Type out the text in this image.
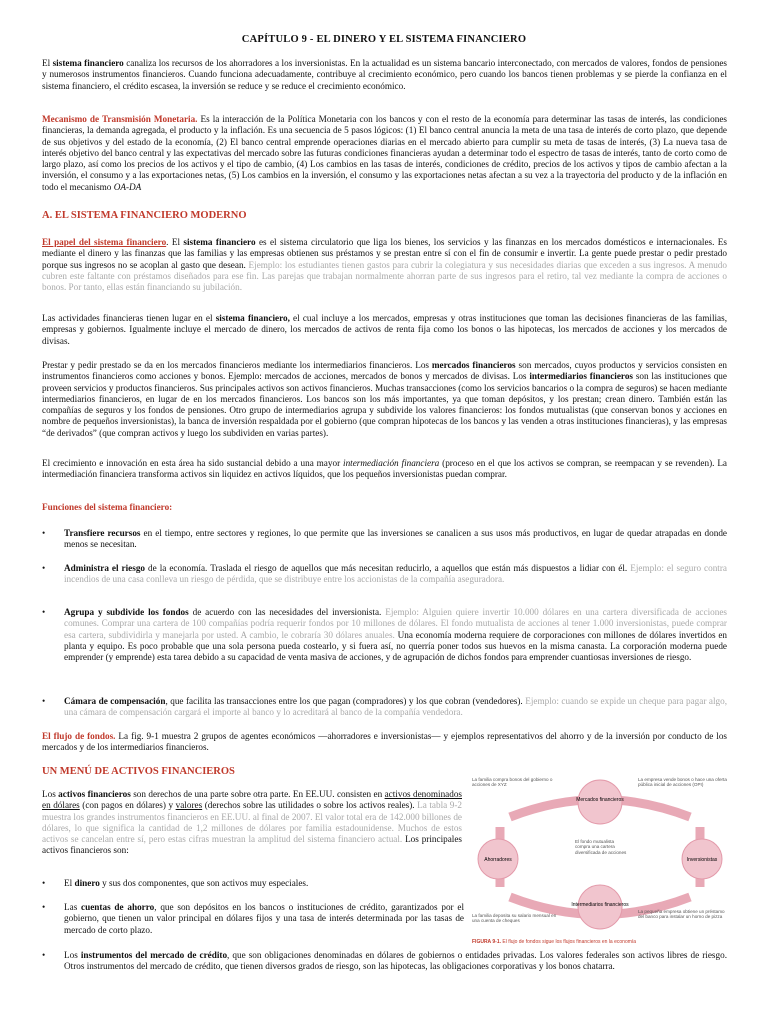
CAPÍTULO 9 - EL DINERO Y EL SISTEMA FINANCIERO

El sistema financiero canaliza los recursos de los ahorradores a los inversionistas. En la actualidad es un sistema bancario interconectado, con mercados de valores, fondos de pensiones y numerosos instrumentos financieros. Cuando funciona adecuadamente, contribuye al crecimiento económico, pero cuando los bancos tienen problemas y se pierde la confianza en el sistema financiero, el crédito escasea, la inversión se reduce y se reduce el crecimiento económico.

Mecanismo de Transmisión Monetaria. Es la interacción de la Política Monetaria con los bancos y con el resto de la economía para determinar las tasas de interés, las condiciones financieras, la demanda agregada, el producto y la inflación. Es una secuencia de 5 pasos lógicos: (1) El banco central anuncia la meta de una tasa de interés de corto plazo, que depende de sus objetivos y del estado de la economía, (2) El banco central emprende operaciones diarias en el mercado abierto para cumplir su meta de tasas de interés, (3) La nueva tasa de interés objetivo del banco central y las expectativas del mercado sobre las futuras condiciones financieras ayudan a determinar todo el espectro de tasas de interés, tanto de corto como de largo plazo, así como los precios de los activos y el tipo de cambio, (4) Los cambios en las tasas de interés, condiciones de crédito, precios de los activos y tipos de cambio afectan a la inversión, el consumo y a las exportaciones netas, (5) Los cambios en la inversión, el consumo y las exportaciones netas afectan a su vez a la trayectoria del producto y de la inflación en todo el mecanismo OA-DA

A. EL SISTEMA FINANCIERO MODERNO

El papel del sistema financiero. El sistema financiero es el sistema circulatorio que liga los bienes, los servicios y las finanzas en los mercados domésticos e internacionales. Es mediante el dinero y las finanzas que las familias y las empresas obtienen sus préstamos y se prestan entre sí con el fin de consumir e invertir. La gente puede prestar o pedir prestado porque sus ingresos no se acoplan al gasto que desean. Ejemplo: los estudiantes tienen gastos para cubrir la colegiatura y sus necesidades diarias que exceden a sus ingresos. A menudo cubren este faltante con préstamos diseñados para ese fin. Las parejas que trabajan normalmente ahorran parte de sus ingresos para el retiro, tal vez mediante la compra de acciones o bonos. Por tanto, ellas están financiando su jubilación.

Las actividades financieras tienen lugar en el sistema financiero, el cual incluye a los mercados, empresas y otras instituciones que toman las decisiones financieras de las familias, empresas y gobiernos. Igualmente incluye el mercado de dinero, los mercados de activos de renta fija como los bonos o las hipotecas, los mercados de acciones y los mercados de divisas.

Prestar y pedir prestado se da en los mercados financieros mediante los intermediarios financieros. Los mercados financieros son mercados, cuyos productos y servicios consisten en instrumentos financieros como acciones y bonos. Ejemplo: mercados de acciones, mercados de bonos y mercados de divisas. Los intermediarios financieros son las instituciones que proveen servicios y productos financieros. Sus principales activos son activos financieros. Muchas transacciones (como los servicios bancarios o la compra de seguros) se hacen mediante intermediarios financieros, en lugar de en los mercados financieros. Los bancos son los más importantes, ya que toman depósitos, y los prestan; crean dinero. También están las compañías de seguros y los fondos de pensiones. Otro grupo de intermediarios agrupa y subdivide los valores financieros: los fondos mutualistas (que conservan bonos y acciones en nombre de pequeños inversionistas), la banca de inversión respaldada por el gobierno (que compran hipotecas de los bancos y las venden a otras instituciones financieras), y las empresas “de derivados” (que compran activos y luego los subdividen en varias partes).

El crecimiento e innovación en esta área ha sido sustancial debido a una mayor intermediación financiera (proceso en el que los activos se compran, se reempacan y se revenden). La intermediación financiera transforma activos sin liquidez en activos líquidos, que los pequeños inversionistas puedan comprar.

Funciones del sistema financiero:
•	Transfiere recursos en el tiempo, entre sectores y regiones, lo que permite que las inversiones se canalicen a sus usos más productivos, en lugar de quedar atrapadas en donde menos se necesitan.

•	Administra el riesgo de la economía. Traslada el riesgo de aquellos que más necesitan reducirlo, a aquellos que están más dispuestos a lidiar con él. Ejemplo: el seguro contra incendios de una casa conlleva un riesgo de pérdida, que se distribuye entre los accionistas de la compañía aseguradora.

•	Agrupa y subdivide los fondos de acuerdo con las necesidades del inversionista. Ejemplo: Alguien quiere invertir 10.000 dólares en una cartera diversificada de acciones comunes. Comprar una cartera de 100 compañías podría requerir fondos por 10 millones de dólares. El fondo mutualista de acciones al tener 1.000 inversionistas, puede comprar esa cartera, subdividirla y manejarla por usted. A cambio, le cobraría 30 dólares anuales. Una economía moderna requiere de corporaciones con millones de dólares invertidos en planta y equipo. Es poco probable que una sola persona pueda costearlo, y si fuera así, no querría poner todos sus huevos en la misma canasta. La corporación moderna puede emprender (y emprende) esta tarea debido a su capacidad de venta masiva de acciones, y de agrupación de dichos fondos para emprender cuantiosas inversiones de riesgo.

•	Cámara de compensación, que facilita las transacciones entre los que pagan (compradores) y los que cobran (vendedores). Ejemplo: cuando se expide un cheque para pagar algo, una cámara de compensación cargará el importe al banco y lo acreditará al banco de la compañía vendedora.

El flujo de fondos. La fig. 9-1 muestra 2 grupos de agentes económicos —ahorradores e inversionistas— y ejemplos representativos del ahorro y de la inversión por conducto de los mercados y de los intermediarios financieros.

UN MENÚ DE ACTIVOS FINANCIEROS

Los activos financieros son derechos de una parte sobre otra parte. En EE.UU. consisten en activos denominados en dólares (con pagos en dólares) y valores (derechos sobre las utilidades o sobre los activos reales). La tabla 9-2 muestra los grandes instrumentos financieros en EE.UU. al final de 2007. El valor total era de 142.000 billones de dólares, lo que significa la cantidad de 1,2 millones de dólares por familia estadounidense. Muchos de estos activos se cancelan entre sí, pero estas cifras muestran la amplitud del sistema financiero actual. Los principales activos financieros son:

•	El dinero y sus dos componentes, que son activos muy especiales.

•	Las cuentas de ahorro, que son depósitos en los bancos o instituciones de crédito, garantizados por el gobierno, que tienen un valor principal en dólares fijos y una tasa de interés determinada por las tasas de mercado de corto plazo.

•	Los instrumentos del mercado de crédito, que son obligaciones denominadas en dólares de gobiernos o entidades privadas. Los valores federales son activos libres de riesgo. Otros instrumentos del mercado de crédito, que tienen diversos grados de riesgo, son las hipotecas, las obligaciones corporativas y los bonos chatarra.

Mercados financieros
Intermediarios financieros
Ahorradores	Inversionistas
La familia compra bonos del gobierno o acciones de XYZ
La empresa vende bonos o hace una oferta pública inicial de acciones (OPI)
El fondo mutualista compra una cartera diversificada de acciones
La familia deposita su salario mensual en una cuenta de cheques
La pequeña empresa obtiene un préstamo del banco para instalar un horno de pizza
FIGURA 9-1. El flujo de fondos sigue los flujos financieros en la economía
